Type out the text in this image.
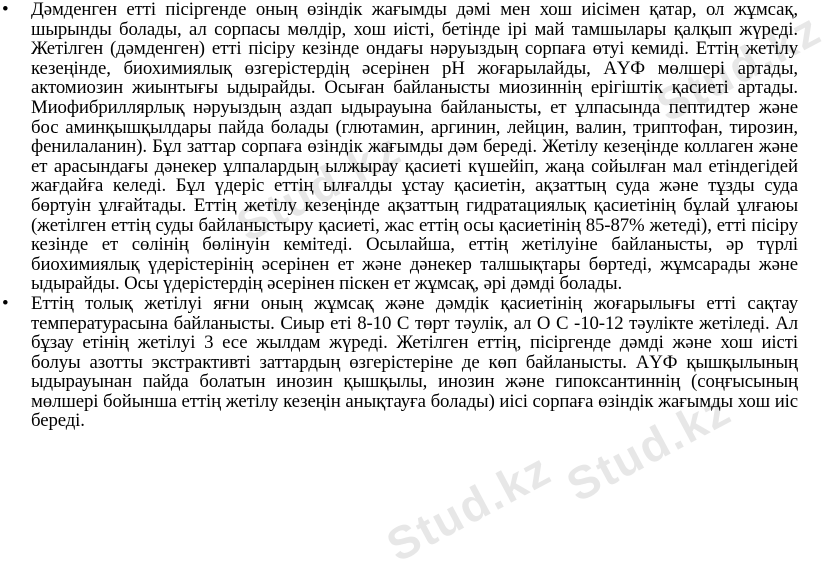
Stud.kz
Stud.kz
Stud.kz
Stud.kz
• Дәмденген етті пісіргенде оның өзіндік жағымды дәмі мен хош иісімен қатар, ол жұмсақ, шырынды болады, ал сорпасы мөлдір, хош иісті, бетінде ірі май тамшылары қалқып жүреді. Жетілген (дәмденген) етті пісіру кезінде ондағы нәруыздың сорпаға өтуі кемиді. Еттің жетілу кезеңінде, биохимиялық өзгерістердің әсерінен pH жоғарылайды, АҮФ мөлшері артады, актомиозин жиынтығы ыдырайды. Осыған байланысты миозиннің ерігіштік қасиеті артады. Миофибриллярлық нәруыздың аздап ыдырауына байланысты, ет ұлпасында пептидтер және бос аминқышқылдары пайда болады (глютамин, аргинин, лейцин, валин, триптофан, тирозин, фенилаланин). Бұл заттар сорпаға өзіндік жағымды дәм береді. Жетілу кезеңінде коллаген және ет арасындағы дәнекер ұлпалардың ылжырау қасиеті күшейіп, жаңа сойылған мал етіндегідей жағдайға келеді. Бұл үдеріс еттің ылғалды ұстау қасиетін, ақзаттың суда және тұзды суда бөртуін ұлғайтады. Еттің жетілу кезеңінде ақзаттың гидратациялық қасиетінің бұлай ұлғаюы (жетілген еттің суды байланыстыру қасиеті, жас еттің осы қасиетінің 85-87% жетеді), етті пісіру кезінде ет сөлінің бөлінуін кемітеді. Осылайша, еттің жетілуіне байланысты, әр түрлі биохимиялық үдерістерінің әсерінен ет және дәнекер талшықтары бөртеді, жұмсарады және ыдырайды. Осы үдерістердің әсерінен піскен ет жұмсақ, әрі дәмді болады.

• Еттің толық жетілуі яғни оның жұмсақ және дәмдік қасиетінің жоғарылығы етті сақтау температурасына байланысты. Сиыр еті 8-10 С төрт тәулік, ал О С -10-12 тәулікте жетіледі. Ал бұзау етінің жетілуі 3 есе жылдам жүреді. Жетілген еттің, пісіргенде дәмді және хош иісті болуы азотты экстрактивті заттардың өзгерістеріне де көп байланысты. АҮФ қышқылының ыдырауынан пайда болатын инозин қышқылы, инозин және гипоксантиннің (соңғысының мөлшері бойынша еттің жетілу кезеңін анықтауға болады) иісі сорпаға өзіндік жағымды хош иіс береді.
